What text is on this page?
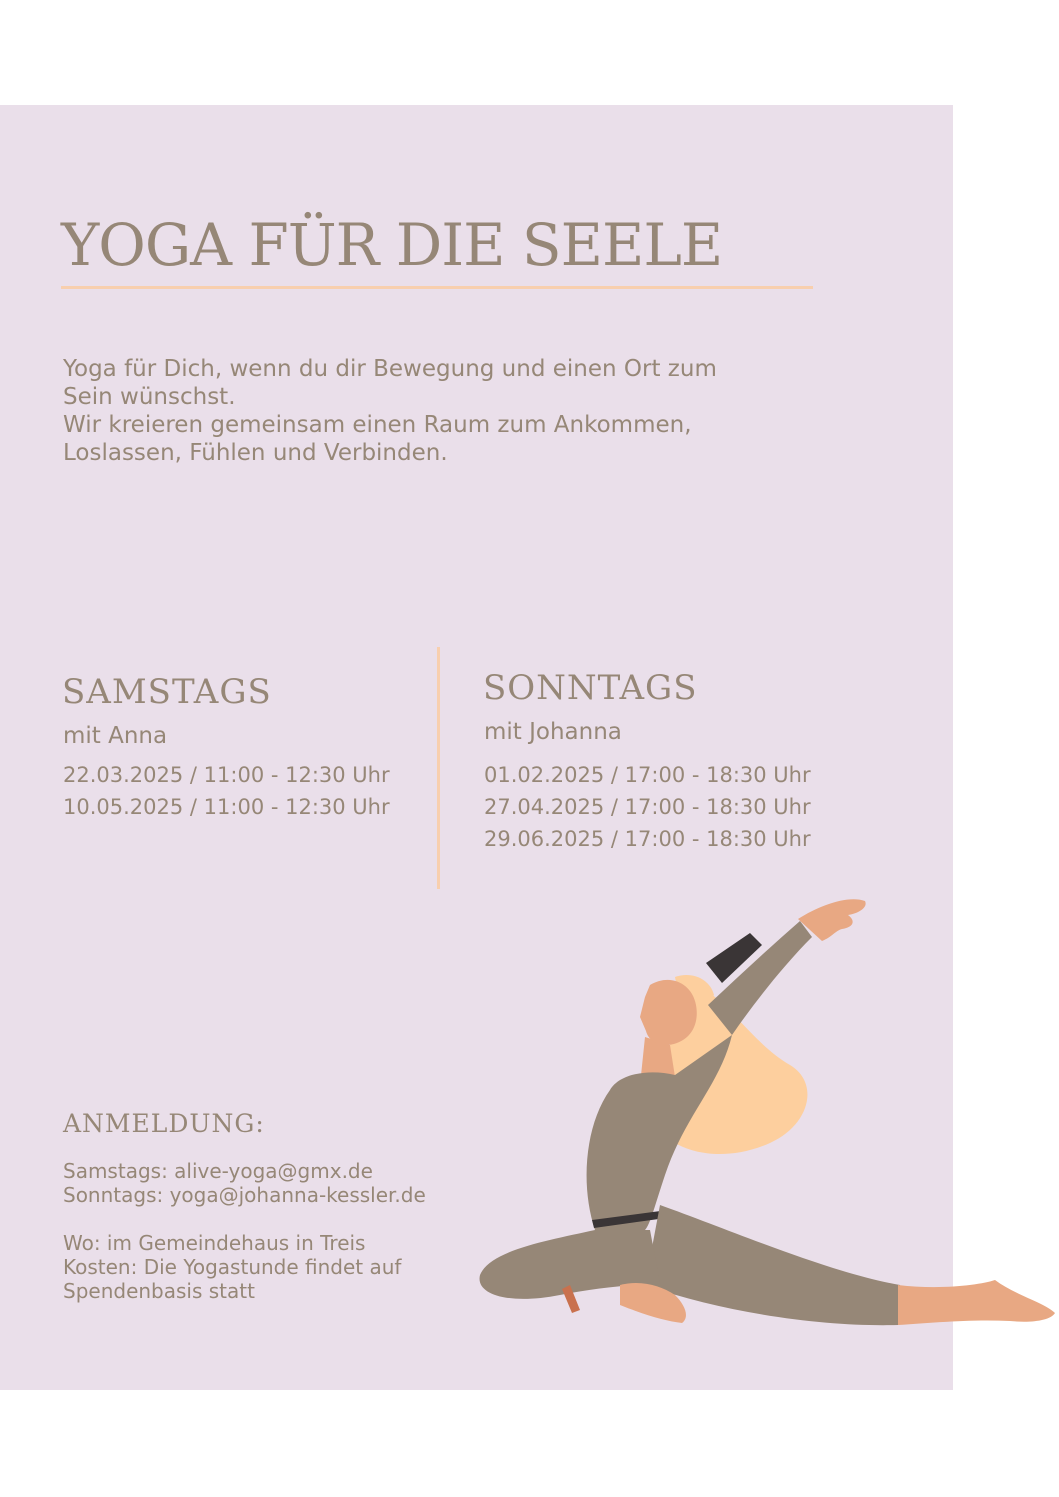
YOGA FÜR DIE SEELE

Yoga für Dich, wenn du dir Bewegung und einen Ort zum

Sein wünschst.

Wir kreieren gemeinsam einen Raum zum Ankommen,

Loslassen, Fühlen und Verbinden.

SAMSTAGS
mit Anna
22.03.2025 / 11:00 - 12:30 Uhr
10.05.2025 / 11:00 - 12:30 Uhr
SONNTAGS
mit Johanna
01.02.2025 / 17:00 - 18:30 Uhr
27.04.2025 / 17:00 - 18:30 Uhr
29.06.2025 / 17:00 - 18:30 Uhr
ANMELDUNG:
Samstags: alive-yoga@gmx.de
Sonntags: yoga@johanna-kessler.de
Wo: im Gemeindehaus in Treis
Kosten: Die Yogastunde findet auf
Spendenbasis statt
